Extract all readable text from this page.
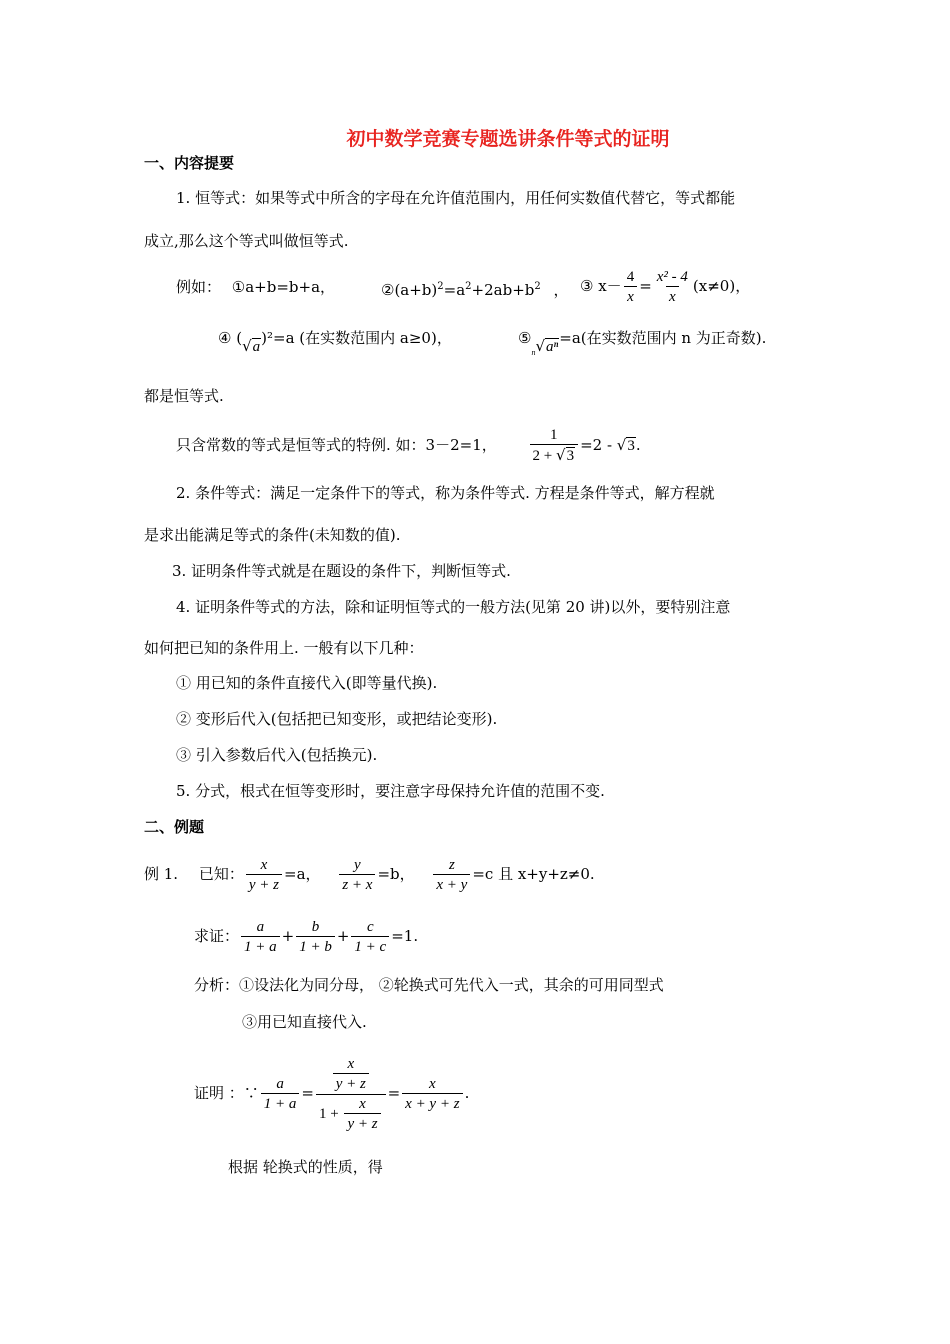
初中数学竞赛专题选讲条件等式的证明
一、内容提要
1. 恒等式：如果等式中所含的字母在允许值范围内，用任何实数值代替它，等式都能
成立,那么这个等式叫做恒等式.
例如： ①a+b=b+a，	$②(a+b)^2=a^2+2ab+b^2$ ， ③ $x- \frac{4}{x} = \frac{\text{x² - 4}}{x} (x\ne 0)$，
④ (√a)²=a (在实数范围内 a≥0)，	$⑤_n√a^n=a$(在实数范围内 n 为正奇数).
都是恒等式.
只含常数的等式是恒等式的特例. 如：3－2=1， $\frac{1}{2 + √3} =2 - √3$.
2. 条件等式：满足一定条件下的等式，称为条件等式. 方程是条件等式，解方程就
是求出能满足等式的条件(未知数的值).
3. 证明条件等式就是在题设的条件下，判断恒等式.
4. 证明条件等式的方法，除和证明恒等式的一般方法(见第 20 讲)以外，要特别注意
如何把已知的条件用上. 一般有以下几种：
① 用已知的条件直接代入(即等量代换).
② 变形后代入(包括把已知变形，或把结论变形).
③ 引入参数后代入(包括换元).
5. 分式，根式在恒等变形时，要注意字母保持允许值的范围不变.
二、例题
例 1. 已知： $\frac{x}{y + z} =a$， $\frac{y}{z + x} =b$， $\frac{z}{x + y} =c$ 且 x+y+z≠0.
求证： $\frac{a}{1 + a} + \frac{b}{1 + b} + \frac{c}{1 + c} =1$.
分析：①设法化为同分母， ②轮换式可先代入一式，其余的可用同型式
③用已知直接代入.
证明 ：∵ $\frac{a}{1 + a} = \frac{\frac{x}{y + z}}{1 + \frac{x}{y + z}} = \frac{x}{x + y + z}$ .
根据 轮换式的性质，得
